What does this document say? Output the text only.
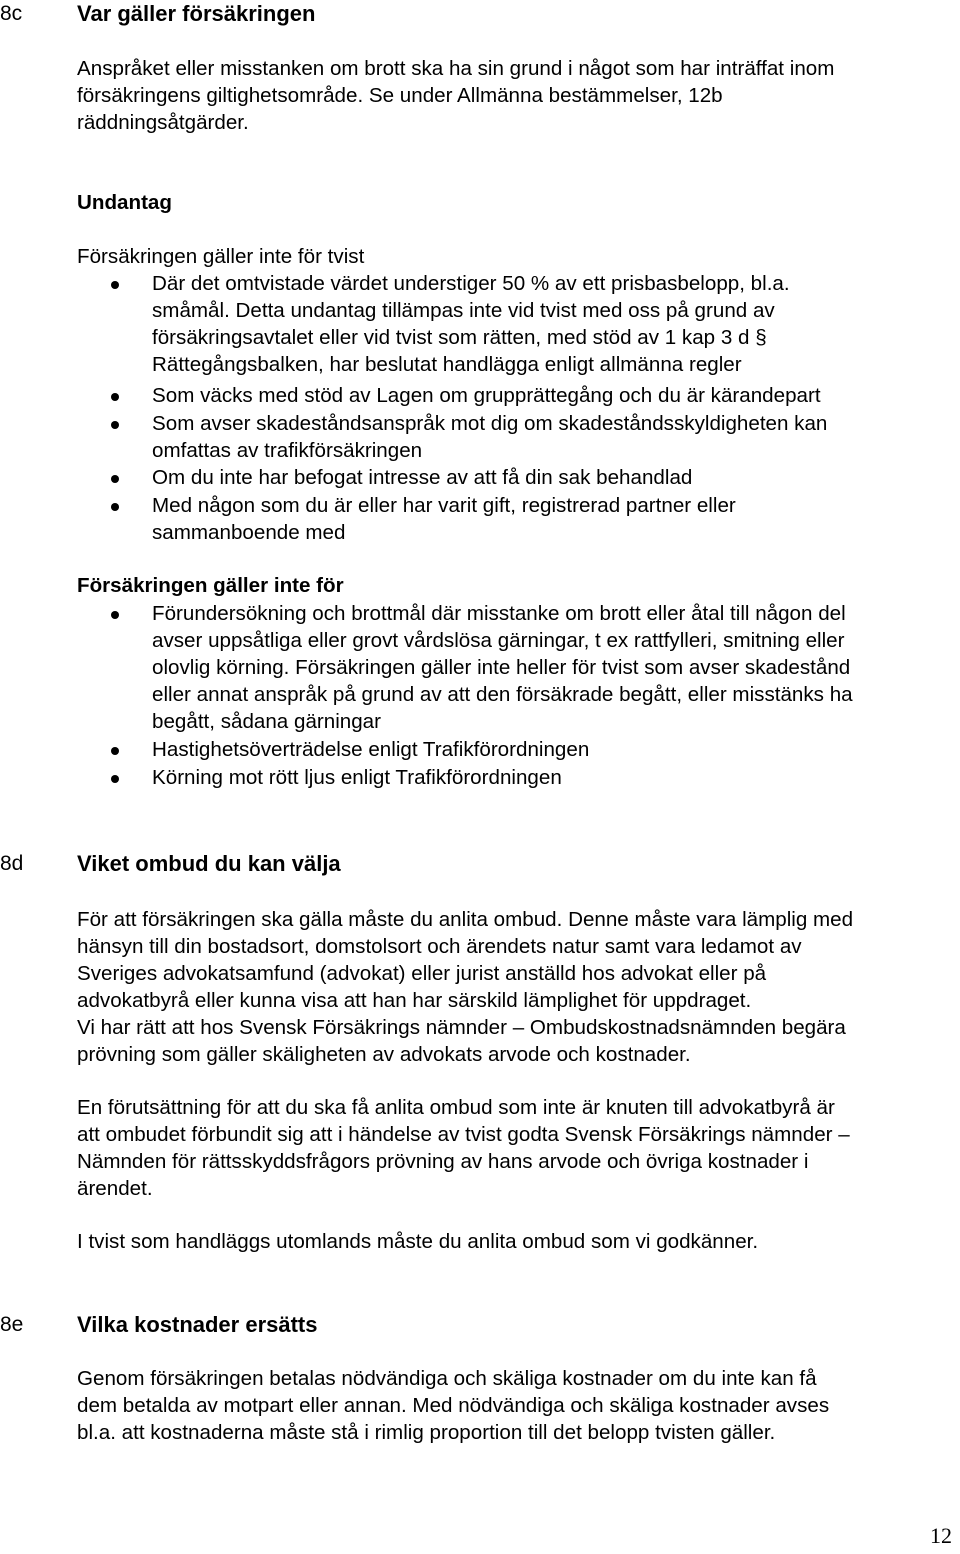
8c Var gäller försäkringen
Anspråket eller misstanken om brott ska ha sin grund i något som har inträffat inom
försäkringens giltighetsområde. Se under Allmänna bestämmelser, 12b
räddningsåtgärder.
Undantag
Försäkringen gäller inte för tvist
Där det omtvistade värdet understiger 50 % av ett prisbasbelopp, bl.a.
småmål. Detta undantag tillämpas inte vid tvist med oss på grund av
försäkringsavtalet eller vid tvist som rätten, med stöd av 1 kap 3 d §
Rättegångsbalken, har beslutat handlägga enligt allmänna regler
Som väcks med stöd av Lagen om grupprättegång och du är kärandepart
Som avser skadeståndsanspråk mot dig om skadeståndsskyldigheten kan
omfattas av trafikförsäkringen
Om du inte har befogat intresse av att få din sak behandlad
Med någon som du är eller har varit gift, registrerad partner eller
sammanboende med
Försäkringen gäller inte för
Förundersökning och brottmål där misstanke om brott eller åtal till någon del
avser uppsåtliga eller grovt vårdslösa gärningar, t ex rattfylleri, smitning eller
olovlig körning. Försäkringen gäller inte heller för tvist som avser skadestånd
eller annat anspråk på grund av att den försäkrade begått, eller misstänks ha
begått, sådana gärningar
Hastighetsöverträdelse enligt Trafikförordningen
Körning mot rött ljus enligt Trafikförordningen
8d Viket ombud du kan välja
För att försäkringen ska gälla måste du anlita ombud. Denne måste vara lämplig med
hänsyn till din bostadsort, domstolsort och ärendets natur samt vara ledamot av
Sveriges advokatsamfund (advokat) eller jurist anställd hos advokat eller på
advokatbyrå eller kunna visa att han har särskild lämplighet för uppdraget.
Vi har rätt att hos Svensk Försäkrings nämnder – Ombudskostnadsnämnden begära
prövning som gäller skäligheten av advokats arvode och kostnader.
En förutsättning för att du ska få anlita ombud som inte är knuten till advokatbyrå är
att ombudet förbundit sig att i händelse av tvist godta Svensk Försäkrings nämnder –
Nämnden för rättsskyddsfrågors prövning av hans arvode och övriga kostnader i
ärendet.
I tvist som handläggs utomlands måste du anlita ombud som vi godkänner.
8e Vilka kostnader ersätts
Genom försäkringen betalas nödvändiga och skäliga kostnader om du inte kan få
dem betalda av motpart eller annan. Med nödvändiga och skäliga kostnader avses
bl.a. att kostnaderna måste stå i rimlig proportion till det belopp tvisten gäller.
12
